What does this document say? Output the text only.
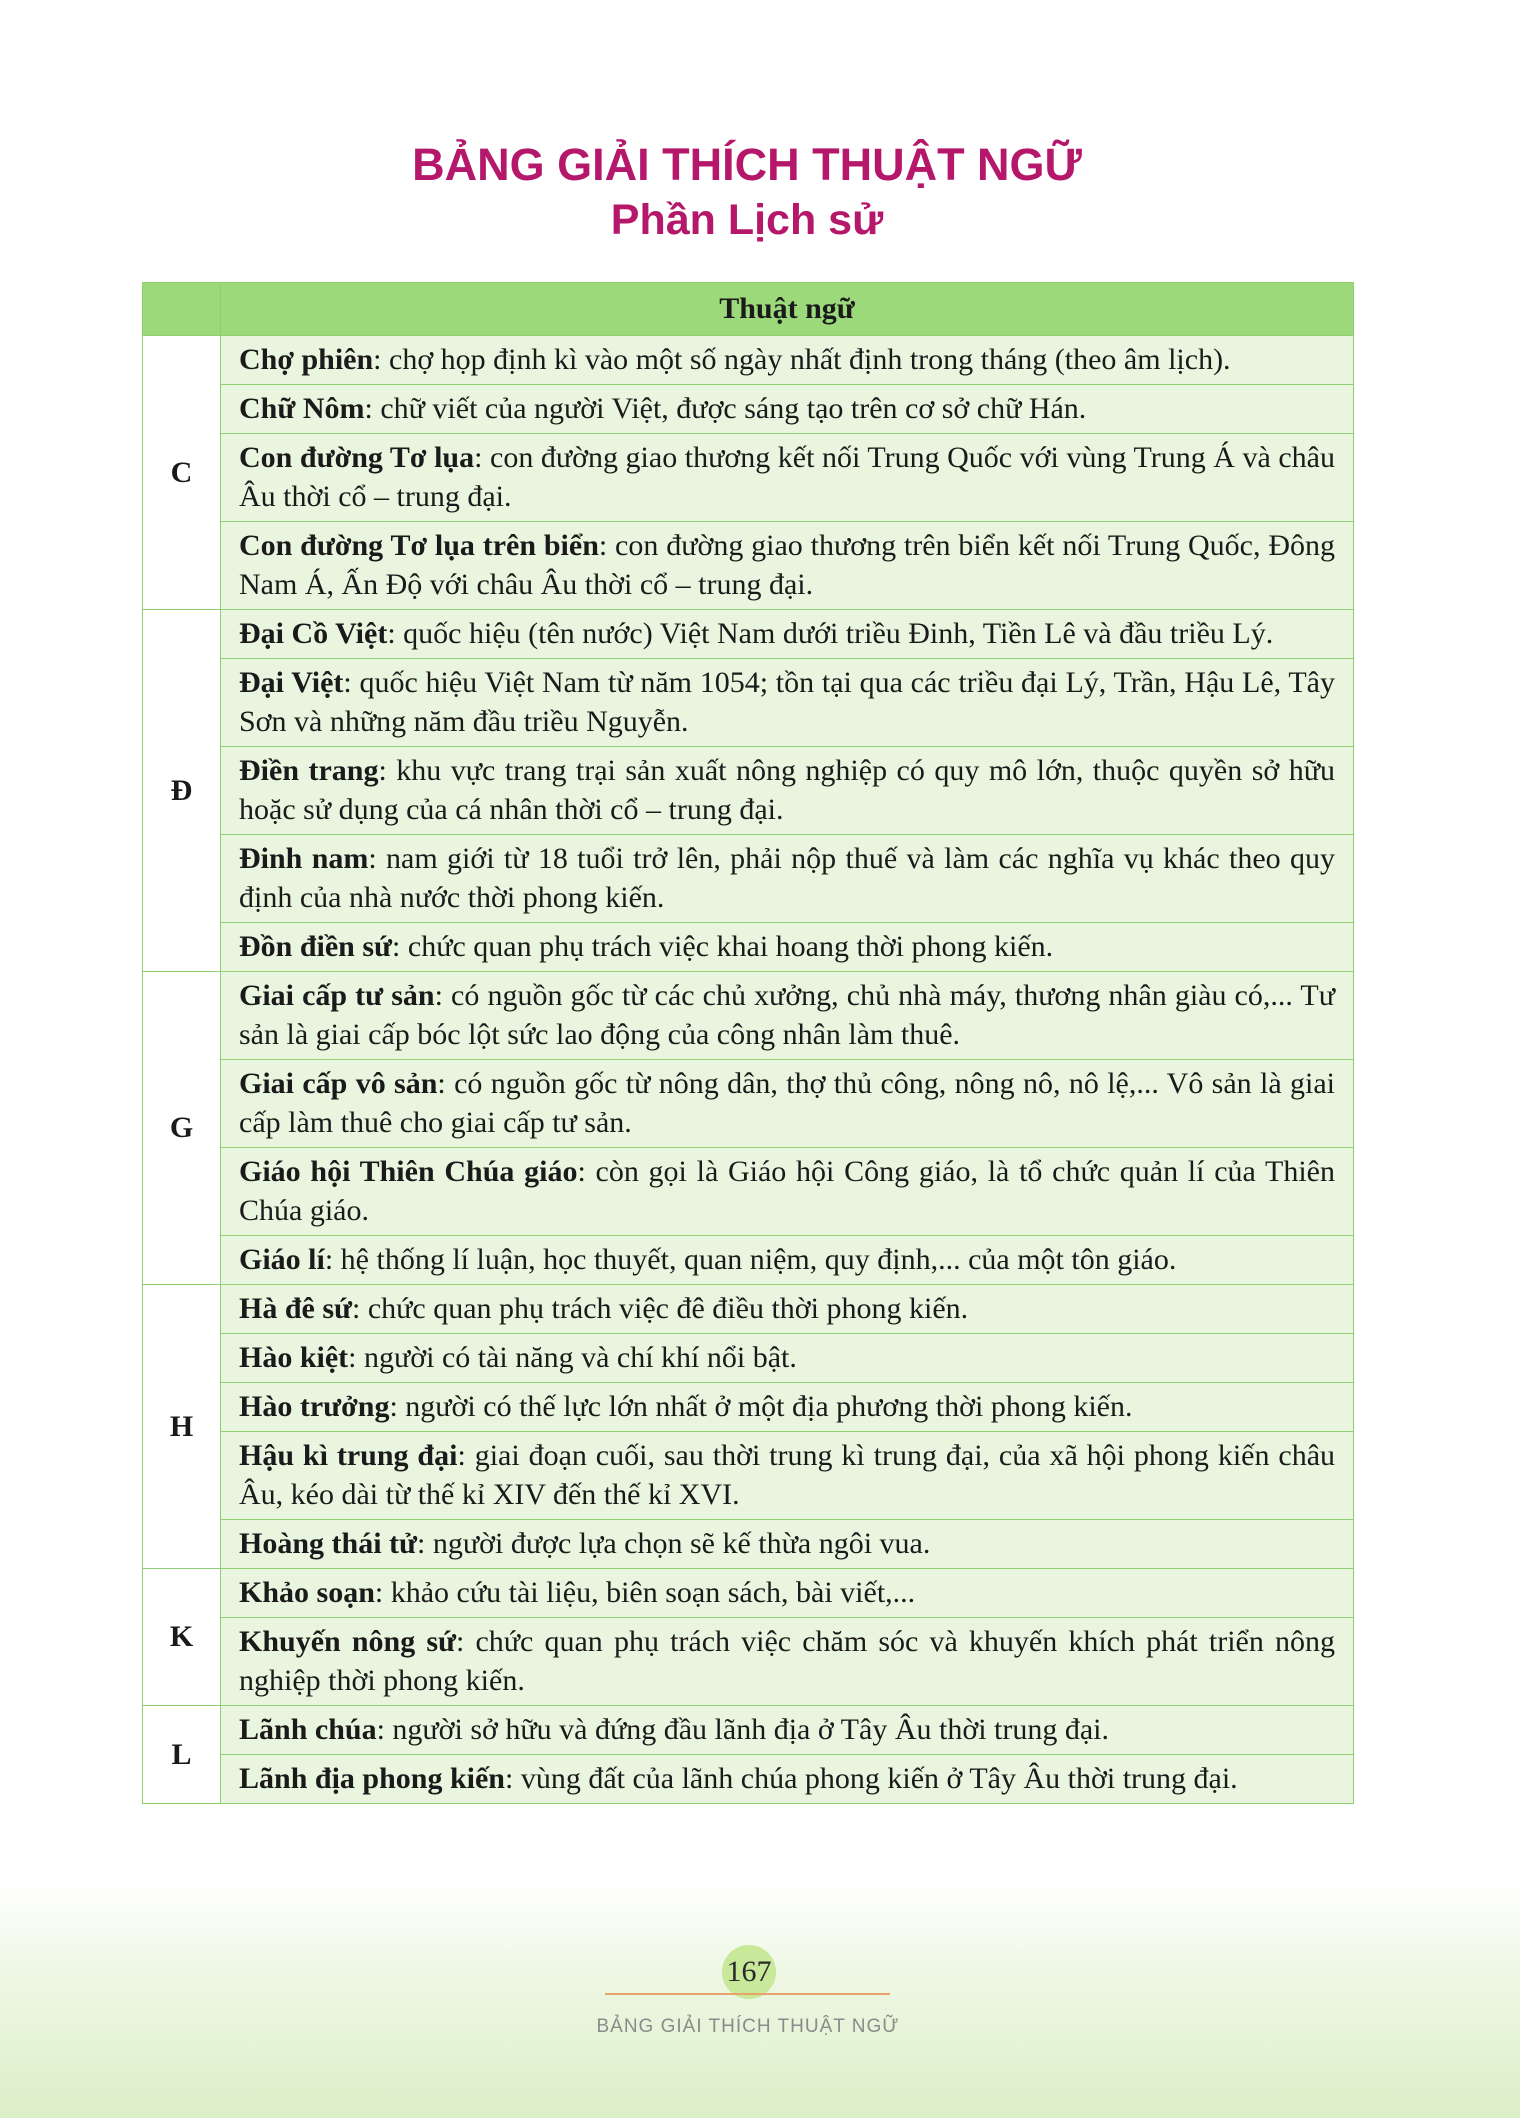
BẢNG GIẢI THÍCH THUẬT NGỮ
Phần Lịch sử
	Thuật ngữ
C	Chợ phiên: chợ họp định kì vào một số ngày nhất định trong tháng (theo âm lịch).
	Chữ Nôm: chữ viết của người Việt, được sáng tạo trên cơ sở chữ Hán.
	Con đường Tơ lụa: con đường giao thương kết nối Trung Quốc với vùng Trung Á và châu Âu thời cổ – trung đại.
	Con đường Tơ lụa trên biển: con đường giao thương trên biển kết nối Trung Quốc, Đông Nam Á, Ấn Độ với châu Âu thời cổ – trung đại.
Đ	Đại Cồ Việt: quốc hiệu (tên nước) Việt Nam dưới triều Đinh, Tiền Lê và đầu triều Lý.
	Đại Việt: quốc hiệu Việt Nam từ năm 1054; tồn tại qua các triều đại Lý, Trần, Hậu Lê, Tây Sơn và những năm đầu triều Nguyễn.
	Điền trang: khu vực trang trại sản xuất nông nghiệp có quy mô lớn, thuộc quyền sở hữu hoặc sử dụng của cá nhân thời cổ – trung đại.
	Đinh nam: nam giới từ 18 tuổi trở lên, phải nộp thuế và làm các nghĩa vụ khác theo quy định của nhà nước thời phong kiến.
	Đồn điền sứ: chức quan phụ trách việc khai hoang thời phong kiến.
G	Giai cấp tư sản: có nguồn gốc từ các chủ xưởng, chủ nhà máy, thương nhân giàu có,... Tư sản là giai cấp bóc lột sức lao động của công nhân làm thuê.
	Giai cấp vô sản: có nguồn gốc từ nông dân, thợ thủ công, nông nô, nô lệ,... Vô sản là giai cấp làm thuê cho giai cấp tư sản.
	Giáo hội Thiên Chúa giáo: còn gọi là Giáo hội Công giáo, là tổ chức quản lí của Thiên Chúa giáo.
	Giáo lí: hệ thống lí luận, học thuyết, quan niệm, quy định,... của một tôn giáo.
H	Hà đê sứ: chức quan phụ trách việc đê điều thời phong kiến.
	Hào kiệt: người có tài năng và chí khí nổi bật.
	Hào trưởng: người có thế lực lớn nhất ở một địa phương thời phong kiến.
	Hậu kì trung đại: giai đoạn cuối, sau thời trung kì trung đại, của xã hội phong kiến châu Âu, kéo dài từ thế kỉ XIV đến thế kỉ XVI.
	Hoàng thái tử: người được lựa chọn sẽ kế thừa ngôi vua.
K	Khảo soạn: khảo cứu tài liệu, biên soạn sách, bài viết,...
	Khuyến nông sứ: chức quan phụ trách việc chăm sóc và khuyến khích phát triển nông nghiệp thời phong kiến.
L	Lãnh chúa: người sở hữu và đứng đầu lãnh địa ở Tây Âu thời trung đại.
	Lãnh địa phong kiến: vùng đất của lãnh chúa phong kiến ở Tây Âu thời trung đại.
167
BẢNG GIẢI THÍCH THUẬT NGỮ
